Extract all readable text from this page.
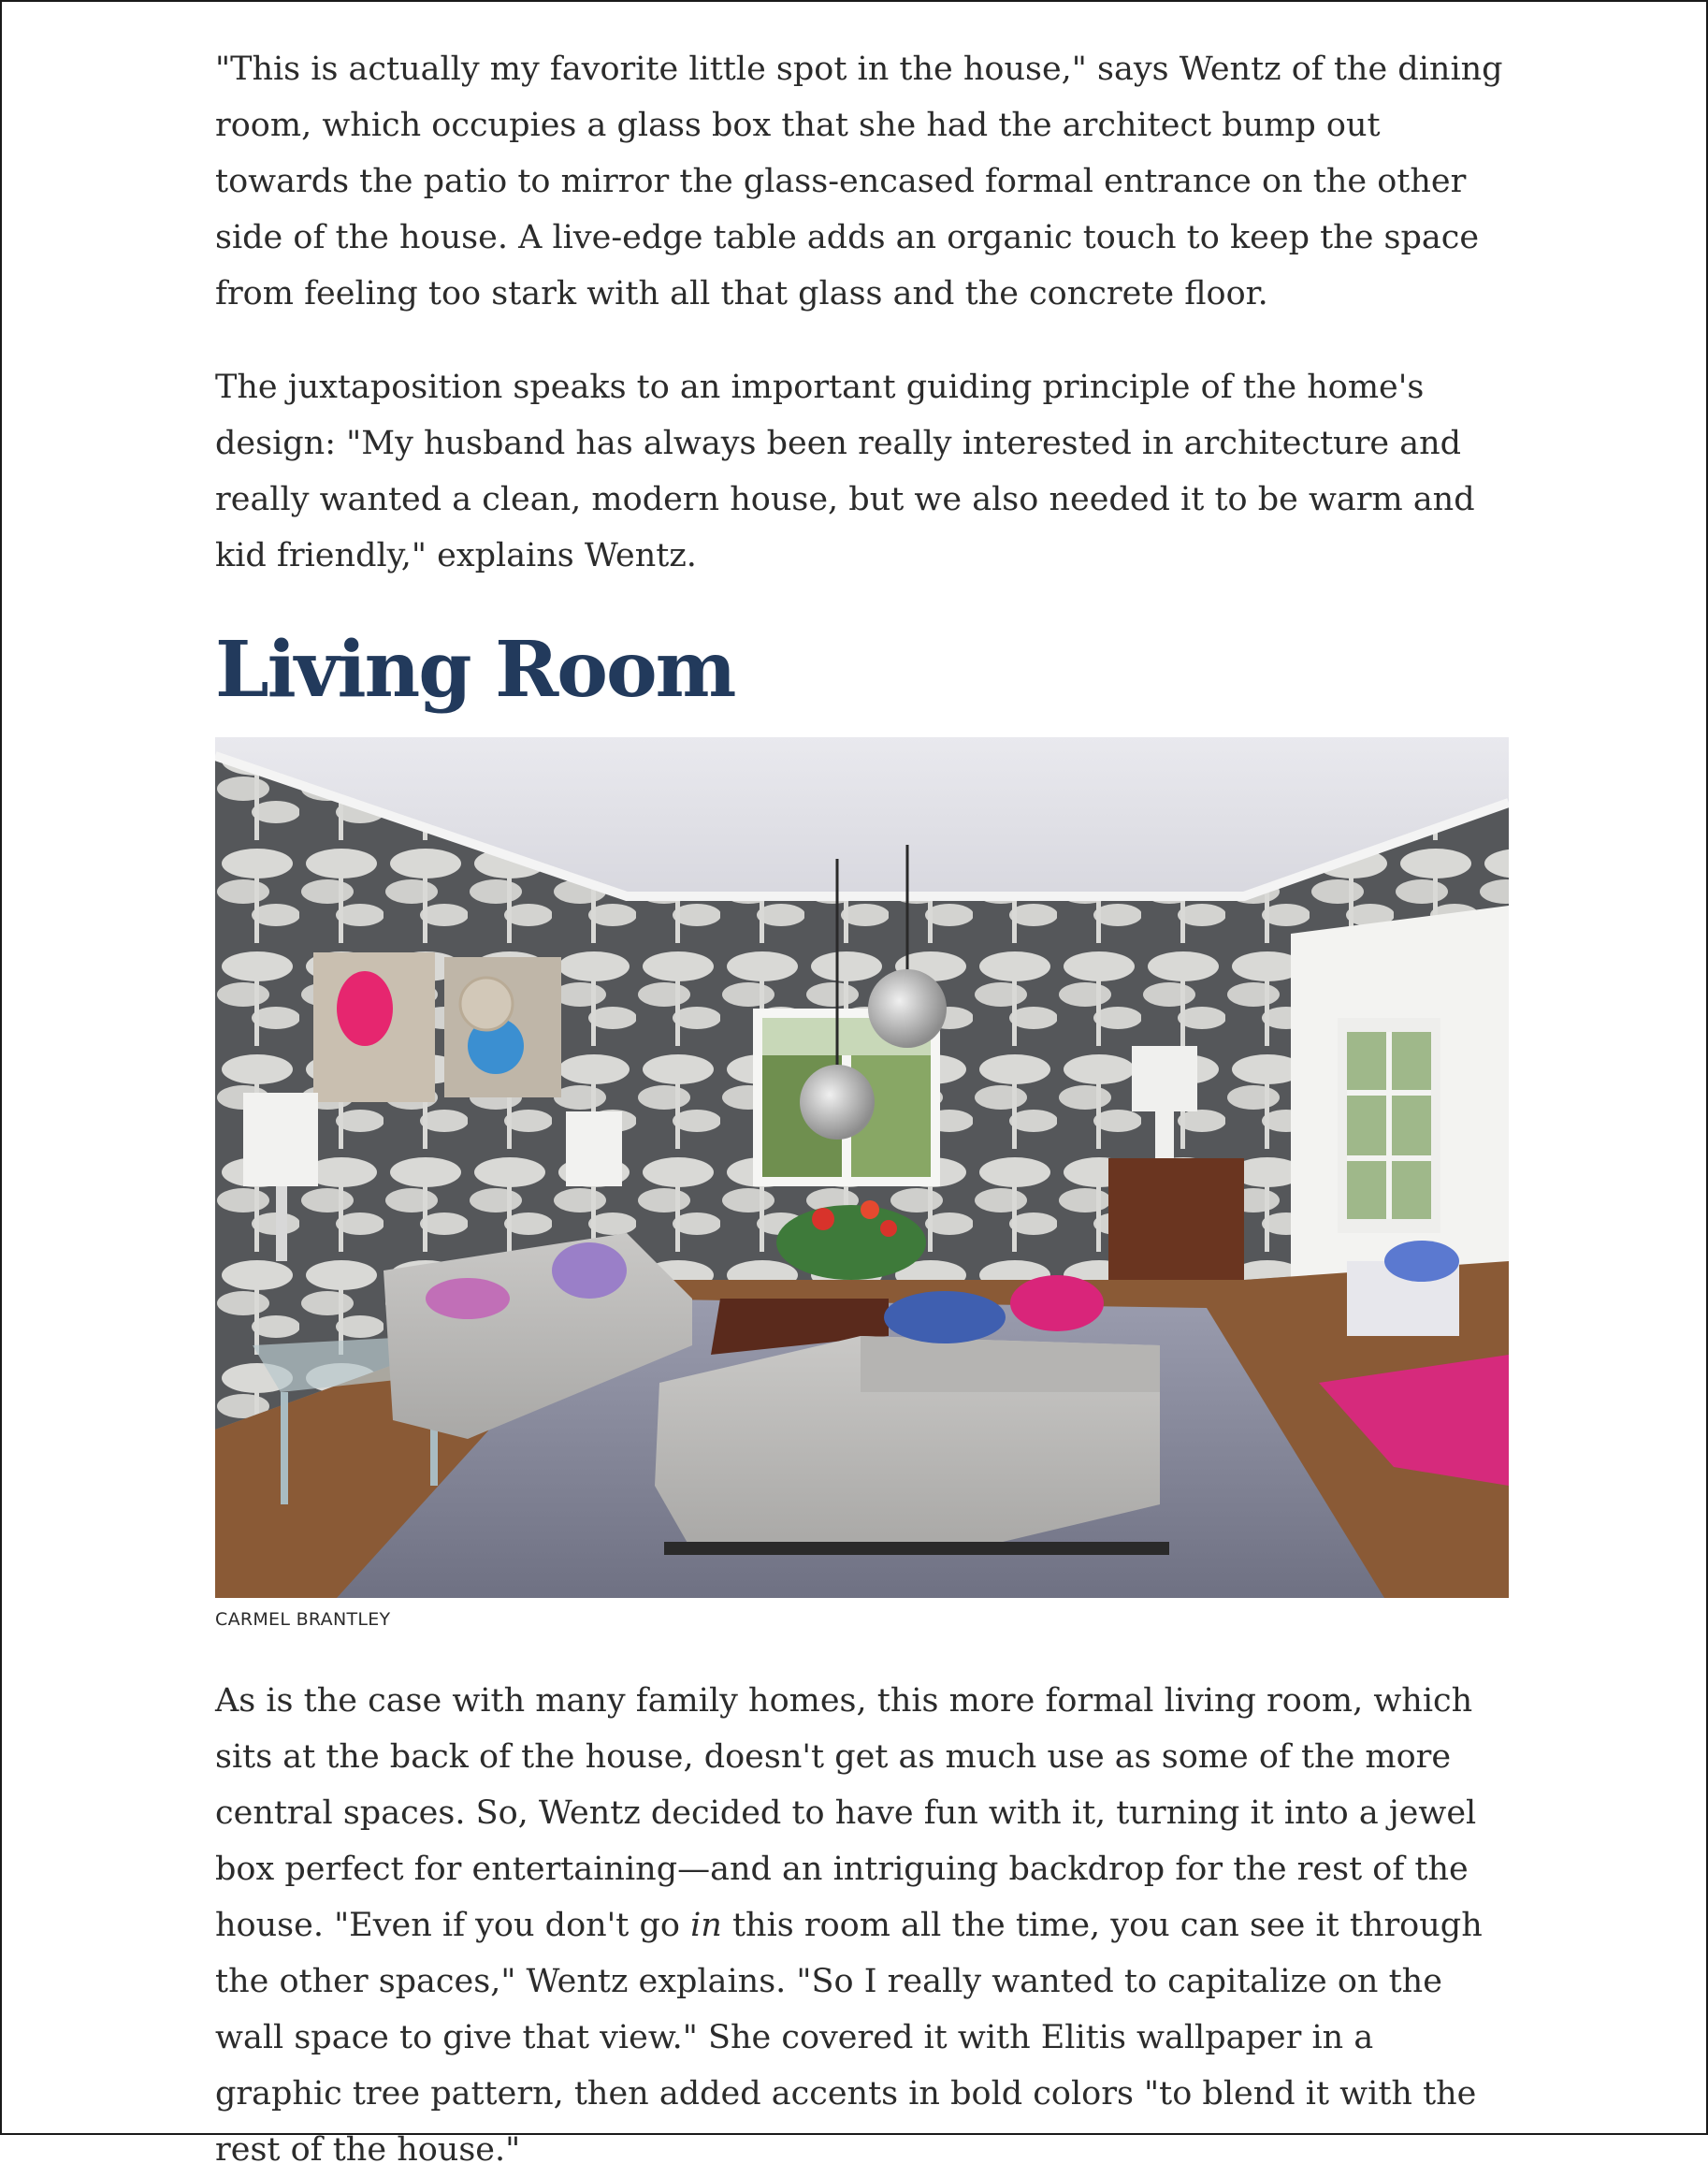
"This is actually my favorite little spot in the house," says Wentz of the dining room, which occupies a glass box that she had the architect bump out towards the patio to mirror the glass-encased formal entrance on the other side of the house. A live-edge table adds an organic touch to keep the space from feeling too stark with all that glass and the concrete floor.

The juxtaposition speaks to an important guiding principle of the home's design: "My husband has always been really interested in architecture and really wanted a clean, modern house, but we also needed it to be warm and kid friendly," explains Wentz.

Living Room
CARMEL BRANTLEY

As is the case with many family homes, this more formal living room, which sits at the back of the house, doesn't get as much use as some of the more central spaces. So, Wentz decided to have fun with it, turning it into a jewel box perfect for entertaining—and an intriguing backdrop for the rest of the house. "Even if you don't go in this room all the time, you can see it through the other spaces," Wentz explains. "So I really wanted to capitalize on the wall space to give that view." She covered it with Elitis wallpaper in a graphic tree pattern, then added accents in bold colors "to blend it with the rest of the house."
